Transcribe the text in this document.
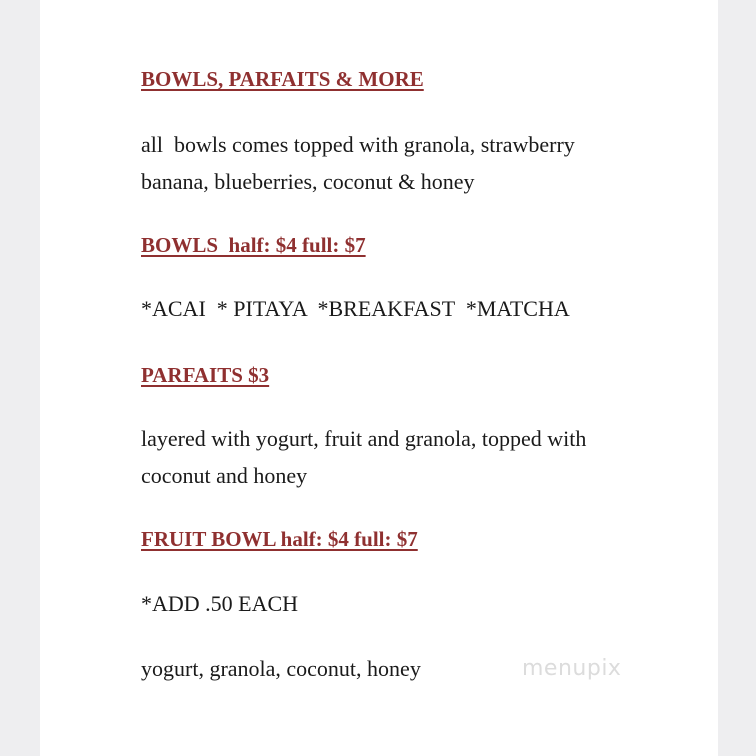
BOWLS, PARFAITS & MORE

all  bowls comes topped with granola, strawberry

banana, blueberries, coconut & honey

BOWLS  half: $4 full: $7

*ACAI  * PITAYA  *BREAKFAST  *MATCHA

PARFAITS $3

layered with yogurt, fruit and granola, topped with

coconut and honey

FRUIT BOWL half: $4 full: $7

*ADD .50 EACH

yogurt, granola, coconut, honey	menupix
